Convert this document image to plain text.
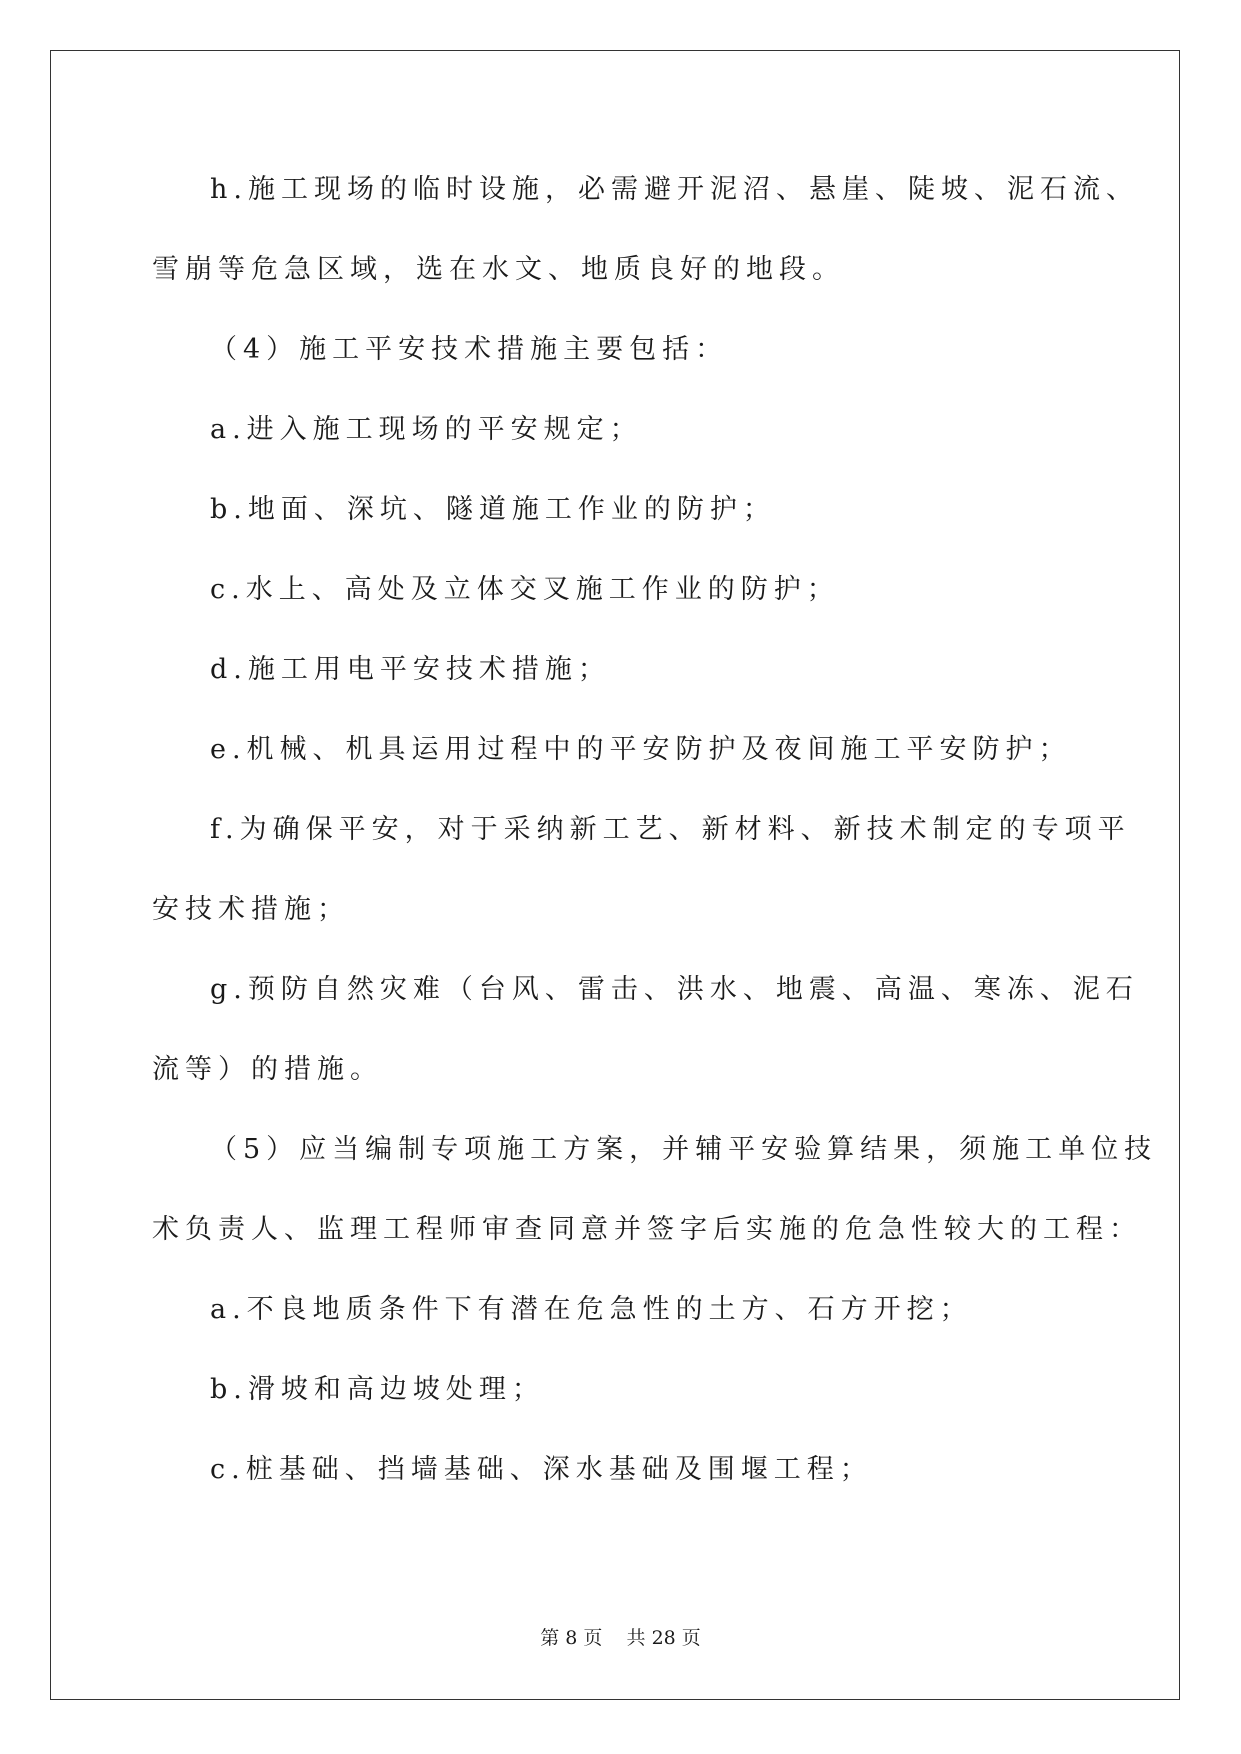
h.施工现场的临时设施，必需避开泥沼、悬崖、陡坡、泥石流、
雪崩等危急区域，选在水文、地质良好的地段。
（4）施工平安技术措施主要包括：
a.进入施工现场的平安规定；
b.地面、深坑、隧道施工作业的防护；
c.水上、高处及立体交叉施工作业的防护；
d.施工用电平安技术措施；
e.机械、机具运用过程中的平安防护及夜间施工平安防护；
f.为确保平安，对于采纳新工艺、新材料、新技术制定的专项平
安技术措施；
g.预防自然灾难（台风、雷击、洪水、地震、高温、寒冻、泥石
流等）的措施。
（5）应当编制专项施工方案，并辅平安验算结果，须施工单位技
术负责人、监理工程师审查同意并签字后实施的危急性较大的工程：
a.不良地质条件下有潜在危急性的土方、石方开挖；
b.滑坡和高边坡处理；
c.桩基础、挡墙基础、深水基础及围堰工程；
第 8 页    共 28 页
